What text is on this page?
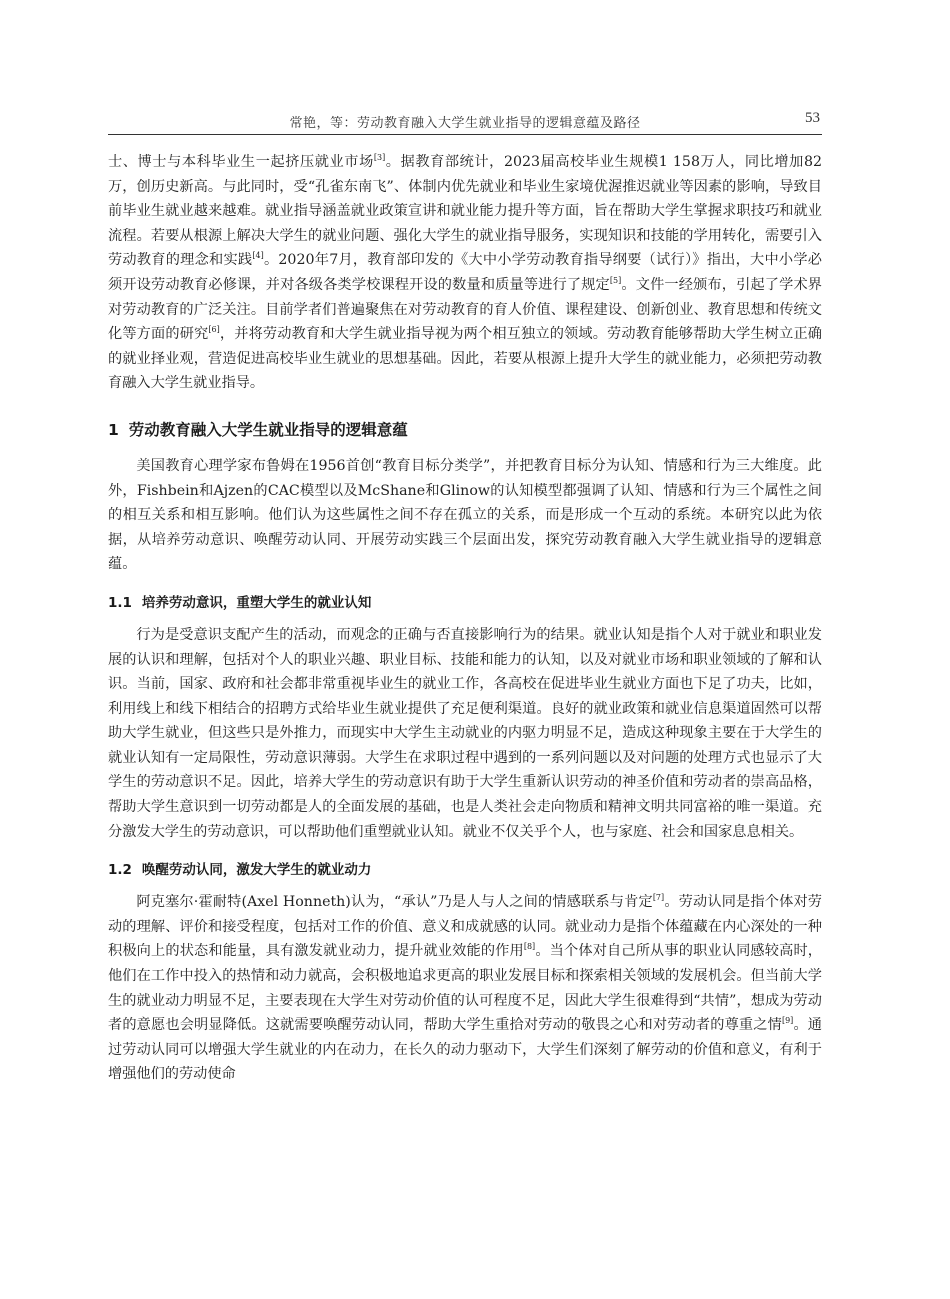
常艳，等：劳动教育融入大学生就业指导的逻辑意蕴及路径	53

士、博士与本科毕业生一起挤压就业市场[3]。据教育部统计，2023届高校毕业生规模1 158万人，同比增加82万，创历史新高。与此同时，受“孔雀东南飞”、体制内优先就业和毕业生家境优渥推迟就业等因素的影响，导致目前毕业生就业越来越难。就业指导涵盖就业政策宣讲和就业能力提升等方面，旨在帮助大学生掌握求职技巧和就业流程。若要从根源上解决大学生的就业问题、强化大学生的就业指导服务，实现知识和技能的学用转化，需要引入劳动教育的理念和实践[4]。2020年7月，教育部印发的《大中小学劳动教育指导纲要（试行）》指出，大中小学必须开设劳动教育必修课，并对各级各类学校课程开设的数量和质量等进行了规定[5]。文件一经颁布，引起了学术界对劳动教育的广泛关注。目前学者们普遍聚焦在对劳动教育的育人价值、课程建设、创新创业、教育思想和传统文化等方面的研究[6]，并将劳动教育和大学生就业指导视为两个相互独立的领域。劳动教育能够帮助大学生树立正确的就业择业观，营造促进高校毕业生就业的思想基础。因此，若要从根源上提升大学生的就业能力，必须把劳动教育融入大学生就业指导。

1 劳动教育融入大学生就业指导的逻辑意蕴

美国教育心理学家布鲁姆在1956首创“教育目标分类学”，并把教育目标分为认知、情感和行为三大维度。此外，Fishbein和Ajzen的CAC模型以及McShane和Glinow的认知模型都强调了认知、情感和行为三个属性之间的相互关系和相互影响。他们认为这些属性之间不存在孤立的关系，而是形成一个互动的系统。本研究以此为依据，从培养劳动意识、唤醒劳动认同、开展劳动实践三个层面出发，探究劳动教育融入大学生就业指导的逻辑意蕴。

1.1 培养劳动意识，重塑大学生的就业认知

行为是受意识支配产生的活动，而观念的正确与否直接影响行为的结果。就业认知是指个人对于就业和职业发展的认识和理解，包括对个人的职业兴趣、职业目标、技能和能力的认知，以及对就业市场和职业领域的了解和认识。当前，国家、政府和社会都非常重视毕业生的就业工作，各高校在促进毕业生就业方面也下足了功夫，比如，利用线上和线下相结合的招聘方式给毕业生就业提供了充足便利渠道。良好的就业政策和就业信息渠道固然可以帮助大学生就业，但这些只是外推力，而现实中大学生主动就业的内驱力明显不足，造成这种现象主要在于大学生的就业认知有一定局限性，劳动意识薄弱。大学生在求职过程中遇到的一系列问题以及对问题的处理方式也显示了大学生的劳动意识不足。因此，培养大学生的劳动意识有助于大学生重新认识劳动的神圣价值和劳动者的崇高品格，帮助大学生意识到一切劳动都是人的全面发展的基础，也是人类社会走向物质和精神文明共同富裕的唯一渠道。充分激发大学生的劳动意识，可以帮助他们重塑就业认知。就业不仅关乎个人，也与家庭、社会和国家息息相关。

1.2 唤醒劳动认同，激发大学生的就业动力

阿克塞尔·霍耐特(Axel Honneth)认为，“承认”乃是人与人之间的情感联系与肯定[7]。劳动认同是指个体对劳动的理解、评价和接受程度，包括对工作的价值、意义和成就感的认同。就业动力是指个体蕴藏在内心深处的一种积极向上的状态和能量，具有激发就业动力，提升就业效能的作用[8]。当个体对自己所从事的职业认同感较高时，他们在工作中投入的热情和动力就高，会积极地追求更高的职业发展目标和探索相关领域的发展机会。但当前大学生的就业动力明显不足，主要表现在大学生对劳动价值的认可程度不足，因此大学生很难得到“共情”，想成为劳动者的意愿也会明显降低。这就需要唤醒劳动认同，帮助大学生重拾对劳动的敬畏之心和对劳动者的尊重之情[9]。通过劳动认同可以增强大学生就业的内在动力，在长久的动力驱动下，大学生们深刻了解劳动的价值和意义，有利于增强他们的劳动使命
